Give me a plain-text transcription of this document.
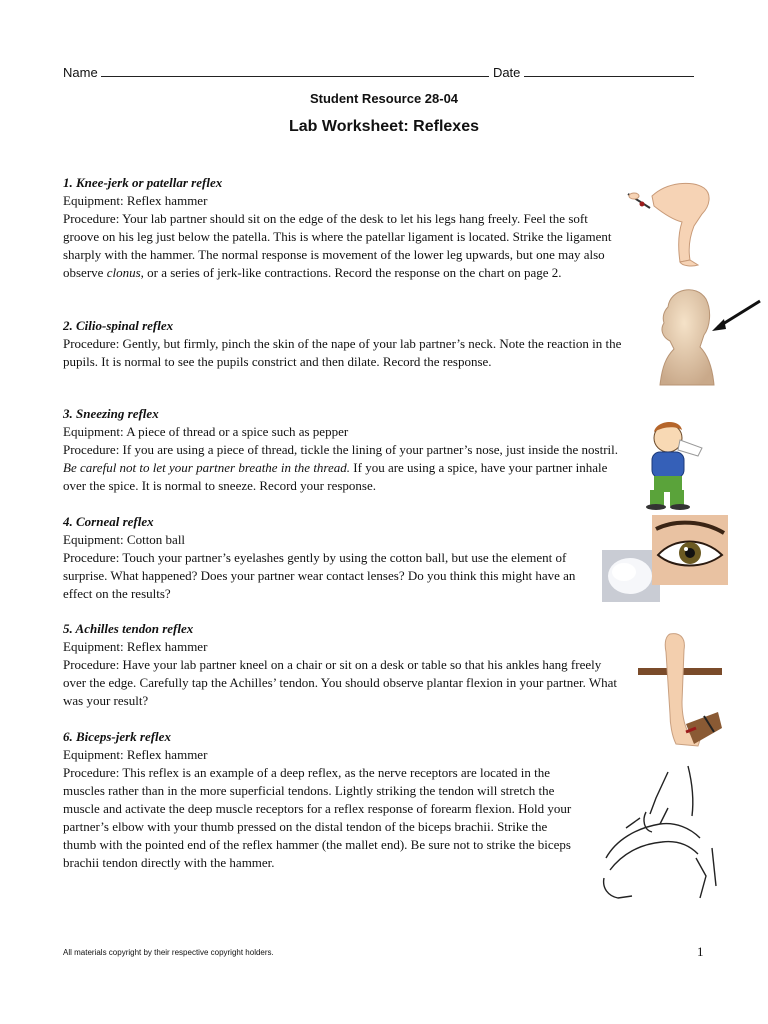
Name	Date
Student Resource 28-04
Lab Worksheet: Reflexes
1. Knee-jerk or patellar reflex
Equipment: Reflex hammer

Procedure: Your lab partner should sit on the edge of the desk to let his legs hang freely. Feel the soft groove on his leg just below the patella. This is where the patellar ligament is located. Strike the ligament sharply with the hammer. The normal response is movement of the lower leg upwards, but one may also observe clonus, or a series of jerk-like contractions. Record the response on the chart on page 2.

2. Cilio-spinal reflex

Procedure: Gently, but firmly, pinch the skin of the nape of your lab partner’s neck. Note the reaction in the pupils. It is normal to see the pupils constrict and then dilate. Record the response.

3. Sneezing reflex
Equipment: A piece of thread or a spice such as pepper

Procedure: If you are using a piece of thread, tickle the lining of your partner’s nose, just inside the nostril. Be careful not to let your partner breathe in the thread. If you are using a spice, have your partner inhale over the spice. It is normal to sneeze. Record your response.

4. Corneal reflex
Equipment: Cotton ball

Procedure: Touch your partner’s eyelashes gently by using the cotton ball, but use the element of surprise. What happened? Does your partner wear contact lenses? Do you think this might have an effect on the results?

5. Achilles tendon reflex
Equipment: Reflex hammer

Procedure: Have your lab partner kneel on a chair or sit on a desk or table so that his ankles hang freely over the edge. Carefully tap the Achilles’ tendon. You should observe plantar flexion in your partner. What was your result?

6. Biceps-jerk reflex
Equipment: Reflex hammer

Procedure: This reflex is an example of a deep reflex, as the nerve receptors are located in the muscles rather than in the more superficial tendons. Lightly striking the tendon will stretch the muscle and activate the deep muscle receptors for a reflex response of forearm flexion. Hold your partner’s elbow with your thumb pressed on the distal tendon of the biceps brachii. Strike the thumb with the pointed end of the reflex hammer (the mallet end). Be sure not to strike the biceps brachii tendon directly with the hammer.

All materials copyright by their respective copyright holders.	1
